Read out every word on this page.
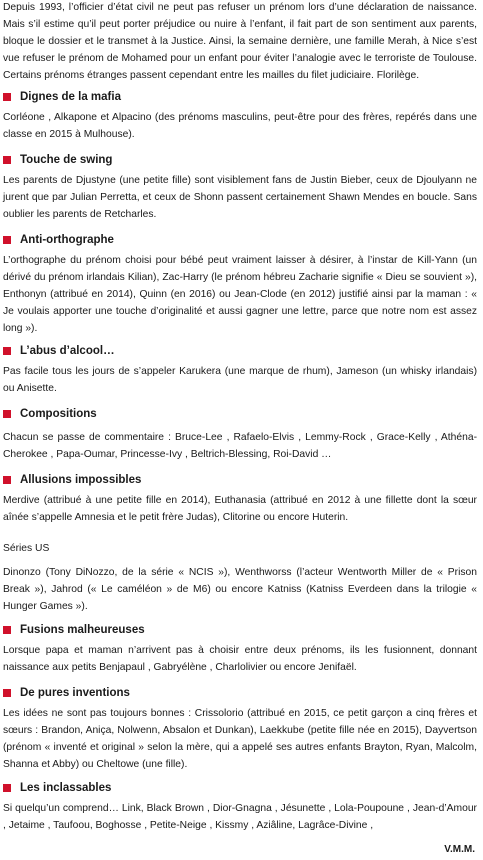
Depuis 1993, l’officier d’état civil ne peut pas refuser un prénom lors d’une déclaration de naissance. Mais s’il estime qu’il peut porter préjudice ou nuire à l’enfant, il fait part de son sentiment aux parents, bloque le dossier et le transmet à la Justice. Ainsi, la semaine dernière, une famille Merah, à Nice s’est vue refuser le prénom de Mohamed pour un enfant pour éviter l’analogie avec le terroriste de Toulouse. Certains prénoms étranges passent cependant entre les mailles du filet judiciaire. Florilège.

Dignes de la mafia

Corléone , Alkapone et Alpacino (des prénoms masculins, peut-être pour des frères, repérés dans une classe en 2015 à Mulhouse).

Touche de swing

Les parents de Djustyne (une petite fille) sont visiblement fans de Justin Bieber, ceux de Djoulyann ne jurent que par Julian Perretta, et ceux de Shonn passent certainement Shawn Mendes en boucle. Sans oublier les parents de Retcharles.

Anti-orthographe

L’orthographe du prénom choisi pour bébé peut vraiment laisser à désirer, à l’instar de Kill-Yann (un dérivé du prénom irlandais Kilian), Zac-Harry (le prénom hébreu Zacharie signifie « Dieu se souvient »), Enthonyn (attribué en 2014), Quinn (en 2016) ou Jean-Clode (en 2012) justifié ainsi par la maman : « Je voulais apporter une touche d’originalité et aussi gagner une lettre, parce que notre nom est assez long »).

L’abus d’alcool…

Pas facile tous les jours de s’appeler Karukera (une marque de rhum), Jameson (un whisky irlandais) ou Anisette.

Compositions

Chacun se passe de commentaire : Bruce-Lee , Rafaelo-Elvis , Lemmy-Rock , Grace-Kelly , Athéna-Cherokee , Papa-Oumar, Princesse-Ivy , Beltrich-Blessing, Roi-David …

Allusions impossibles

Merdive (attribué à une petite fille en 2014), Euthanasia (attribué en 2012 à une fillette dont la sœur aînée s’appelle Amnesia et le petit frère Judas), Clitorine ou encore Huterin.

Séries US

Dinonzo (Tony DiNozzo, de la série « NCIS »), Wenthworss (l’acteur Wentworth Miller de « Prison Break »), Jahrod (« Le caméléon » de M6) ou encore Katniss (Katniss Everdeen dans la trilogie « Hunger Games »).

Fusions malheureuses

Lorsque papa et maman n’arrivent pas à choisir entre deux prénoms, ils les fusionnent, donnant naissance aux petits Benjapaul , Gabryélène , Charlolivier ou encore Jenifaël.

De pures inventions

Les idées ne sont pas toujours bonnes : Crissolorio (attribué en 2015, ce petit garçon a cinq frères et sœurs : Brandon, Aniça, Nolwenn, Absalon et Dunkan), Laekkube (petite fille née en 2015), Dayvertson (prénom « inventé et original » selon la mère, qui a appelé ses autres enfants Brayton, Ryan, Malcolm, Shanna et Abby) ou Cheltowe (une fille).

Les inclassables

Si quelqu’un comprend… Link, Black Brown , Dior-Gnagna , Jésunette , Lola-Poupoune , Jean-d’Amour , Jetaime , Taufoou, Boghosse , Petite-Neige , Kissmy , Aziâline, Lagrâce-Divine ,

V.M.M.
